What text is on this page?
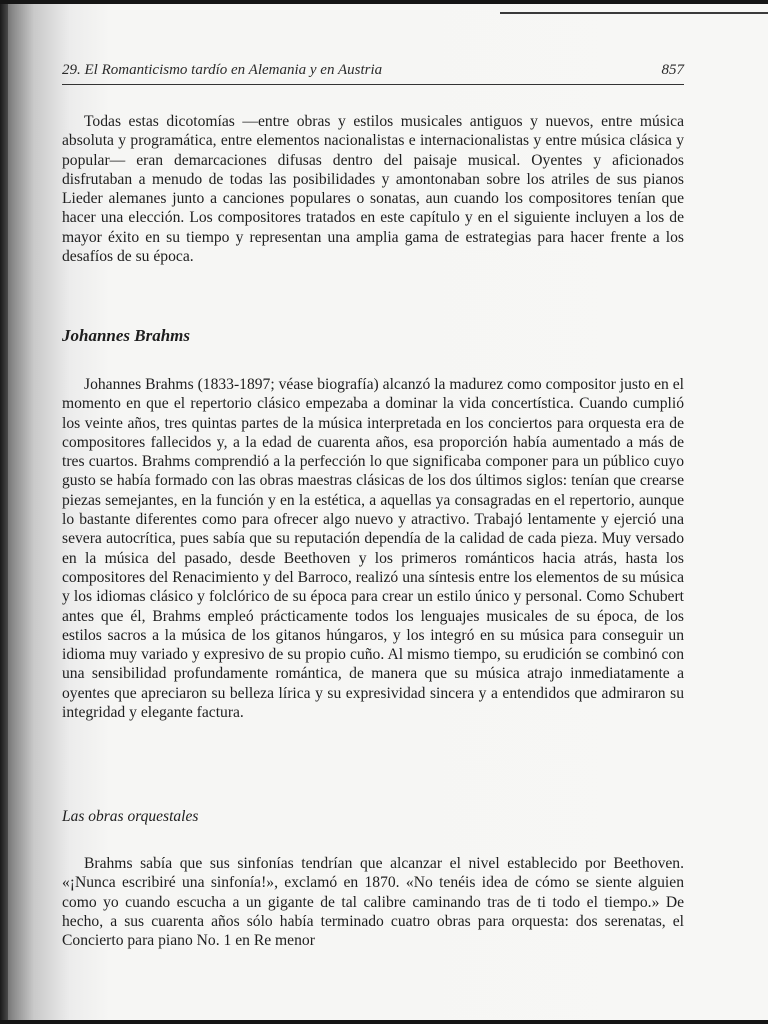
29. El Romanticismo tardío en Alemania y en Austria	857

Todas estas dicotomías —entre obras y estilos musicales antiguos y nuevos, entre música absoluta y programática, entre elementos nacionalistas e internacionalistas y entre música clásica y popular— eran demarcaciones difusas dentro del paisaje musical. Oyentes y aficionados disfrutaban a menudo de todas las posibilidades y amontonaban sobre los atriles de sus pianos Lieder alemanes junto a canciones populares o sonatas, aun cuando los compositores tenían que hacer una elección. Los compositores tratados en este capítulo y en el siguiente incluyen a los de mayor éxito en su tiempo y representan una amplia gama de estrategias para hacer frente a los desafíos de su época.

Johannes Brahms

Johannes Brahms (1833-1897; véase biografía) alcanzó la madurez como compositor justo en el momento en que el repertorio clásico empezaba a dominar la vida concertística. Cuando cumplió los veinte años, tres quintas partes de la música interpretada en los conciertos para orquesta era de compositores fallecidos y, a la edad de cuarenta años, esa proporción había aumentado a más de tres cuartos. Brahms comprendió a la perfección lo que significaba componer para un público cuyo gusto se había formado con las obras maestras clásicas de los dos últimos siglos: tenían que crearse piezas semejantes, en la función y en la estética, a aquellas ya consagradas en el repertorio, aunque lo bastante diferentes como para ofrecer algo nuevo y atractivo. Trabajó lentamente y ejerció una severa autocrítica, pues sabía que su reputación dependía de la calidad de cada pieza. Muy versado en la música del pasado, desde Beethoven y los primeros románticos hacia atrás, hasta los compositores del Renacimiento y del Barroco, realizó una síntesis entre los elementos de su música y los idiomas clásico y folclórico de su época para crear un estilo único y personal. Como Schubert antes que él, Brahms empleó prácticamente todos los lenguajes musicales de su época, de los estilos sacros a la música de los gitanos húngaros, y los integró en su música para conseguir un idioma muy variado y expresivo de su propio cuño. Al mismo tiempo, su erudición se combinó con una sensibilidad profundamente romántica, de manera que su música atrajo inmediatamente a oyentes que apreciaron su belleza lírica y su expresividad sincera y a entendidos que admiraron su integridad y elegante factura.

Las obras orquestales

Brahms sabía que sus sinfonías tendrían que alcanzar el nivel establecido por Beethoven. «¡Nunca escribiré una sinfonía!», exclamó en 1870. «No tenéis idea de cómo se siente alguien como yo cuando escucha a un gigante de tal calibre caminando tras de ti todo el tiempo.» De hecho, a sus cuarenta años sólo había terminado cuatro obras para orquesta: dos serenatas, el Concierto para piano No. 1 en Re menor
